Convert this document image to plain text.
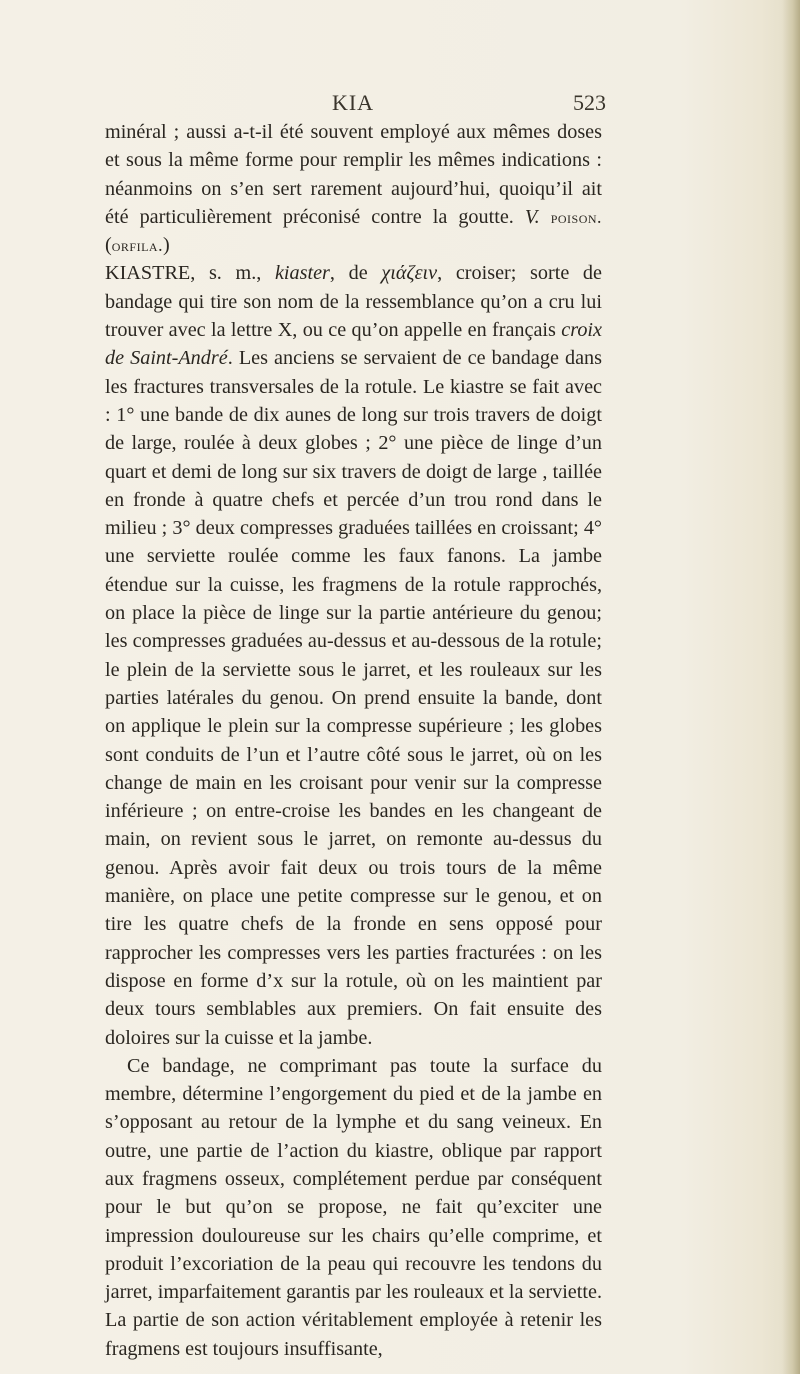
KIA	523

minéral ; aussi a-t-il été souvent employé aux mêmes doses et sous la même forme pour remplir les mêmes indications : néanmoins on s’en sert rarement aujourd’hui, quoiqu’il ait été particulièrement préconisé contre la goutte. V. poison. (orfila.)

KIASTRE, s. m., kiaster, de χιάζειν, croiser; sorte de bandage qui tire son nom de la ressemblance qu’on a cru lui trouver avec la lettre X, ou ce qu’on appelle en français croix de Saint-André. Les anciens se servaient de ce bandage dans les fractures transversales de la rotule. Le kiastre se fait avec : 1° une bande de dix aunes de long sur trois travers de doigt de large, roulée à deux globes ; 2° une pièce de linge d’un quart et demi de long sur six travers de doigt de large , taillée en fronde à quatre chefs et percée d’un trou rond dans le milieu ; 3° deux compresses graduées taillées en croissant; 4° une serviette roulée comme les faux fanons. La jambe étendue sur la cuisse, les fragmens de la rotule rapprochés, on place la pièce de linge sur la partie antérieure du genou; les compresses graduées au-dessus et au-dessous de la rotule; le plein de la serviette sous le jarret, et les rouleaux sur les parties latérales du genou. On prend ensuite la bande, dont on applique le plein sur la compresse supérieure ; les globes sont conduits de l’un et l’autre côté sous le jarret, où on les change de main en les croisant pour venir sur la compresse inférieure ; on entre-croise les bandes en les changeant de main, on revient sous le jarret, on remonte au-dessus du genou. Après avoir fait deux ou trois tours de la même manière, on place une petite compresse sur le genou, et on tire les quatre chefs de la fronde en sens opposé pour rapprocher les compresses vers les parties fracturées : on les dispose en forme d’x sur la rotule, où on les maintient par deux tours semblables aux premiers. On fait ensuite des doloires sur la cuisse et la jambe.

Ce bandage, ne comprimant pas toute la surface du membre, détermine l’engorgement du pied et de la jambe en s’opposant au retour de la lymphe et du sang veineux. En outre, une partie de l’action du kiastre, oblique par rapport aux fragmens osseux, complétement perdue par conséquent pour le but qu’on se propose, ne fait qu’exciter une impression douloureuse sur les chairs qu’elle comprime, et produit l’excoriation de la peau qui recouvre les tendons du jarret, imparfaitement garantis par les rouleaux et la serviette. La partie de son action véritablement employée à retenir les fragmens est toujours insuffisante,
